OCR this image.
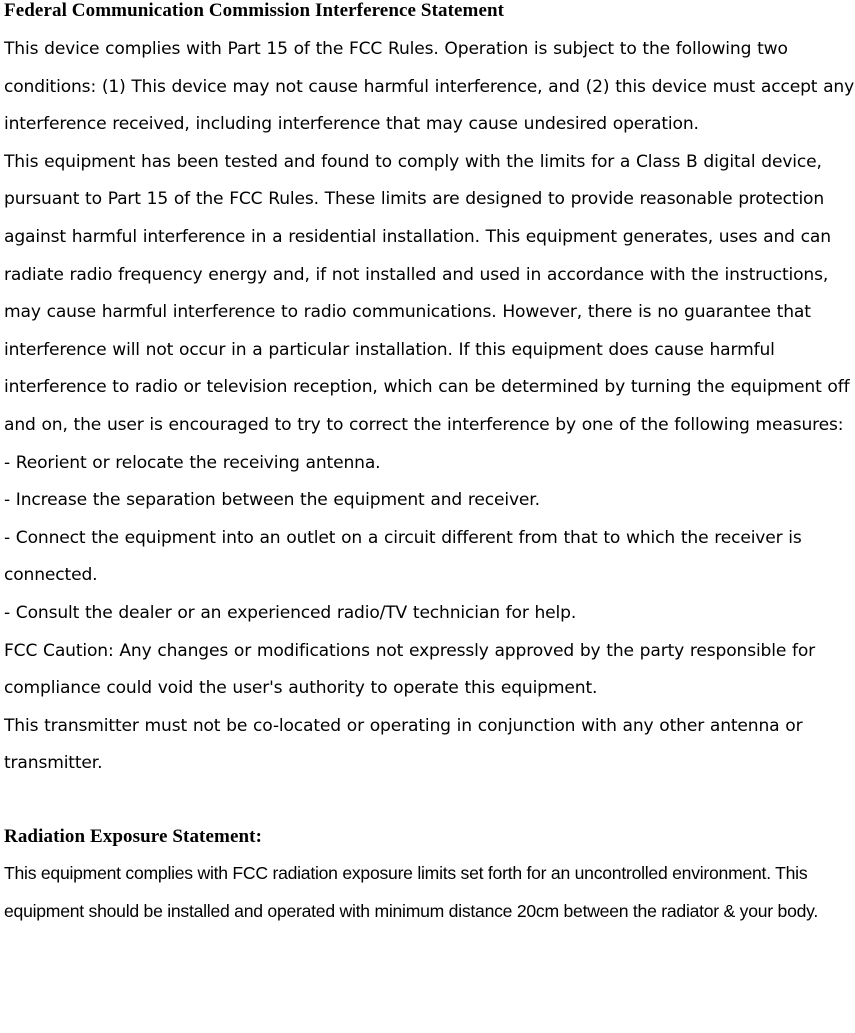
Federal Communication Commission Interference Statement

This device complies with Part 15 of the FCC Rules. Operation is subject to the following two conditions: (1) This device may not cause harmful interference, and (2) this device must accept any interference received, including interference that may cause undesired operation.

This equipment has been tested and found to comply with the limits for a Class B digital device, pursuant to Part 15 of the FCC Rules. These limits are designed to provide reasonable protection against harmful interference in a residential installation. This equipment generates, uses and can radiate radio frequency energy and, if not installed and used in accordance with the instructions, may cause harmful interference to radio communications. However, there is no guarantee that interference will not occur in a particular installation. If this equipment does cause harmful interference to radio or television reception, which can be determined by turning the equipment off and on, the user is encouraged to try to correct the interference by one of the following measures:

- Reorient or relocate the receiving antenna.

- Increase the separation between the equipment and receiver.

- Connect the equipment into an outlet on a circuit different from that to which the receiver is connected.

- Consult the dealer or an experienced radio/TV technician for help.

FCC Caution: Any changes or modifications not expressly approved by the party responsible for compliance could void the user's authority to operate this equipment.

This transmitter must not be co-located or operating in conjunction with any other antenna or transmitter.

Radiation Exposure Statement:

This equipment complies with FCC radiation exposure limits set forth for an uncontrolled environment. This equipment should be installed and operated with minimum distance 20cm between the radiator & your body.
